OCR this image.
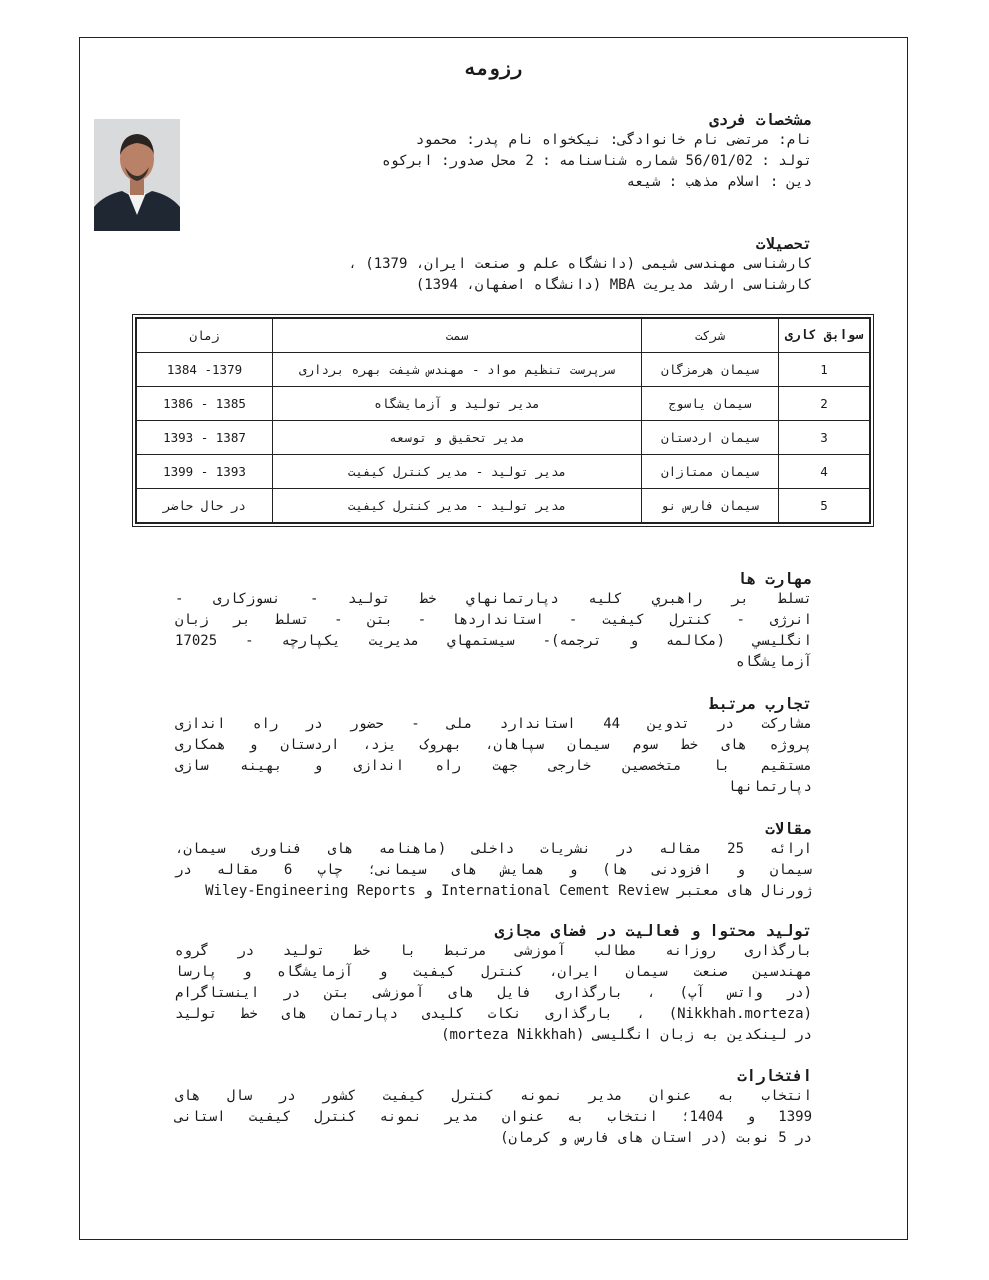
رزومه
مشخصات فردی
نام: مرتضی نام خانوادگی: نیکخواه نام پدر: محمود
تولد : 56/01/02 شماره شناسنامه : 2 محل صدور: ابرکوه
دین : اسلام مذهب : شیعه
تحصیلات
کارشناسی مهندسی شیمی (دانشگاه علم و صنعت ایران، 1379) ،
کارشناسی ارشد مدیریت MBA (دانشگاه اصفهان، 1394)
سوابق کاری	شرکت	سمت	زمان
1	سیمان هرمزگان	سرپرست تنظیم مواد - مهندس شیفت بهره برداری	1379- 1384
2	سیمان یاسوج	مدیر تولید و آزمایشگاه	1385 - 1386
3	سیمان اردستان	مدیر تحقیق و توسعه	1387 - 1393
4	سیمان ممتازان	مدیر تولید - مدیر کنترل کیفیت	1393 - 1399
5	سیمان فارس نو	مدیر تولید - مدیر کنترل کیفیت	در حال حاضر
مهارت ها
تسلط بر راهبري كليه دپارتمانهاي خط توليد - نسوزکاری -
انرژی - کنترل کیفیت - استانداردها - بتن - تسلط بر زبان
انگليسي (مكالمه و ترجمه)- سيستمهاي مديريت يكپارچه - 17025
آزمایشگاه
تجارب مرتبط
مشارکت در تدوین 44 استاندارد ملی - حضور در راه اندازی
پروژه های خط سوم سیمان سپاهان، بهروک یزد، اردستان و همکاری
مستقیم با متخصصین خارجی جهت راه اندازی و بهینه سازی
دپارتمانها
مقالات
ارائه 25 مقاله در نشریات داخلی (ماهنامه های فناوری سیمان،
سیمان و افزودنی ها) و همایش های سیمانی؛ چاپ 6 مقاله در
ژورنال های معتبر International Cement Review و Wiley-Engineering Reports
تولید محتوا و فعالیت در فضای مجازی
بارگذاری روزانه مطالب آموزشی مرتبط با خط تولید در گروه
مهندسین صنعت سیمان ایران، کنترل کیفیت و آزمایشگاه و پارسا
(در واتس آپ) ، بارگذاری فایل های آموزشی بتن در اینستاگرام
(Nikkhah.morteza) ، بارگذاری نکات کلیدی دپارتمان های خط تولید
در لینکدین به زبان انگلیسی (morteza Nikkhah)
افتخارات
انتخاب به عنوان مدیر نمونه کنترل کیفیت کشور در سال های
1399 و 1404؛ انتخاب به عنوان مدیر نمونه کنترل کیفیت استانی
در 5 نوبت (در استان های فارس و کرمان)
